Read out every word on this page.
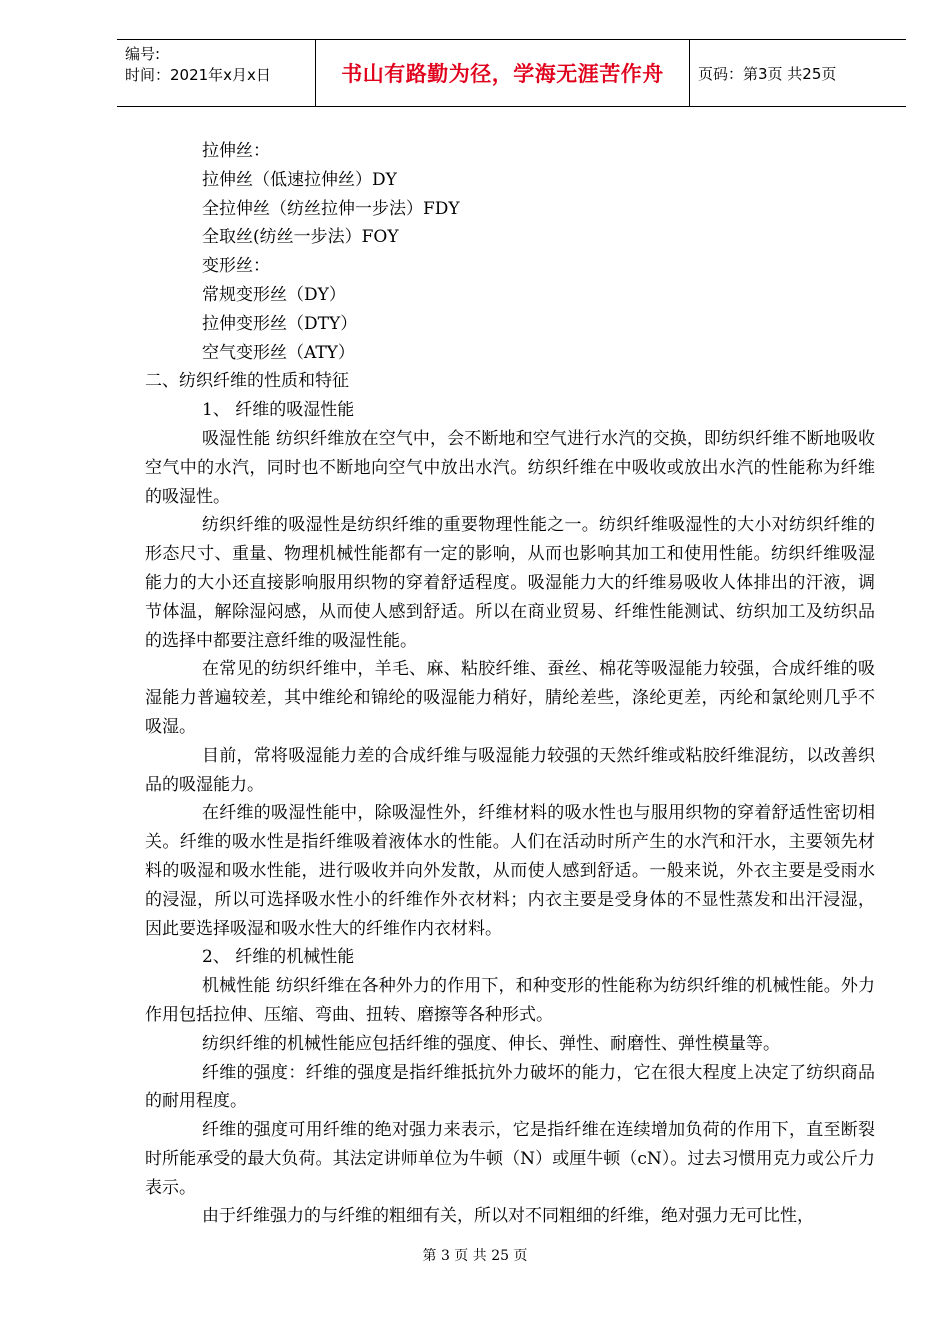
编号:
时间：2021年x月x日	书山有路勤为径，学海无涯苦作舟 页码：第3页 共25页

拉伸丝：

拉伸丝（低速拉伸丝）DY

全拉伸丝（纺丝拉伸一步法）FDY

全取丝(纺丝一步法）FOY

变形丝：

常规变形丝（DY）

拉伸变形丝（DTY）

空气变形丝（ATY）

二、纺织纤维的性质和特征

1、 纤维的吸湿性能

吸湿性能 纺织纤维放在空气中，会不断地和空气进行水汽的交换，即纺织纤维不断地吸收空气中的水汽，同时也不断地向空气中放出水汽。纺织纤维在中吸收或放出水汽的性能称为纤维的吸湿性。

纺织纤维的吸湿性是纺织纤维的重要物理性能之一。纺织纤维吸湿性的大小对纺织纤维的形态尺寸、重量、物理机械性能都有一定的影响，从而也影响其加工和使用性能。纺织纤维吸湿能力的大小还直接影响服用织物的穿着舒适程度。吸湿能力大的纤维易吸收人体排出的汗液，调节体温，解除湿闷感，从而使人感到舒适。所以在商业贸易、纤维性能测试、纺织加工及纺织品的选择中都要注意纤维的吸湿性能。

在常见的纺织纤维中，羊毛、麻、粘胶纤维、蚕丝、棉花等吸湿能力较强，合成纤维的吸湿能力普遍较差，其中维纶和锦纶的吸湿能力稍好，腈纶差些，涤纶更差，丙纶和氯纶则几乎不吸湿。

目前，常将吸湿能力差的合成纤维与吸湿能力较强的天然纤维或粘胶纤维混纺，以改善织品的吸湿能力。

在纤维的吸湿性能中，除吸湿性外，纤维材料的吸水性也与服用织物的穿着舒适性密切相关。纤维的吸水性是指纤维吸着液体水的性能。人们在活动时所产生的水汽和汗水，主要领先材料的吸湿和吸水性能，进行吸收并向外发散，从而使人感到舒适。一般来说，外衣主要是受雨水的浸湿，所以可选择吸水性小的纤维作外衣材料；内衣主要是受身体的不显性蒸发和出汗浸湿，因此要选择吸湿和吸水性大的纤维作内衣材料。

2、 纤维的机械性能

机械性能 纺织纤维在各种外力的作用下，和种变形的性能称为纺织纤维的机械性能。外力作用包括拉伸、压缩、弯曲、扭转、磨擦等各种形式。

纺织纤维的机械性能应包括纤维的强度、伸长、弹性、耐磨性、弹性模量等。

纤维的强度：纤维的强度是指纤维抵抗外力破坏的能力，它在很大程度上决定了纺织商品的耐用程度。

纤维的强度可用纤维的绝对强力来表示，它是指纤维在连续增加负荷的作用下，直至断裂时所能承受的最大负荷。其法定讲师单位为牛顿（N）或厘牛顿（cN）。过去习惯用克力或公斤力表示。

由于纤维强力的与纤维的粗细有关，所以对不同粗细的纤维，绝对强力无可比性，

第 3 页 共 25 页
